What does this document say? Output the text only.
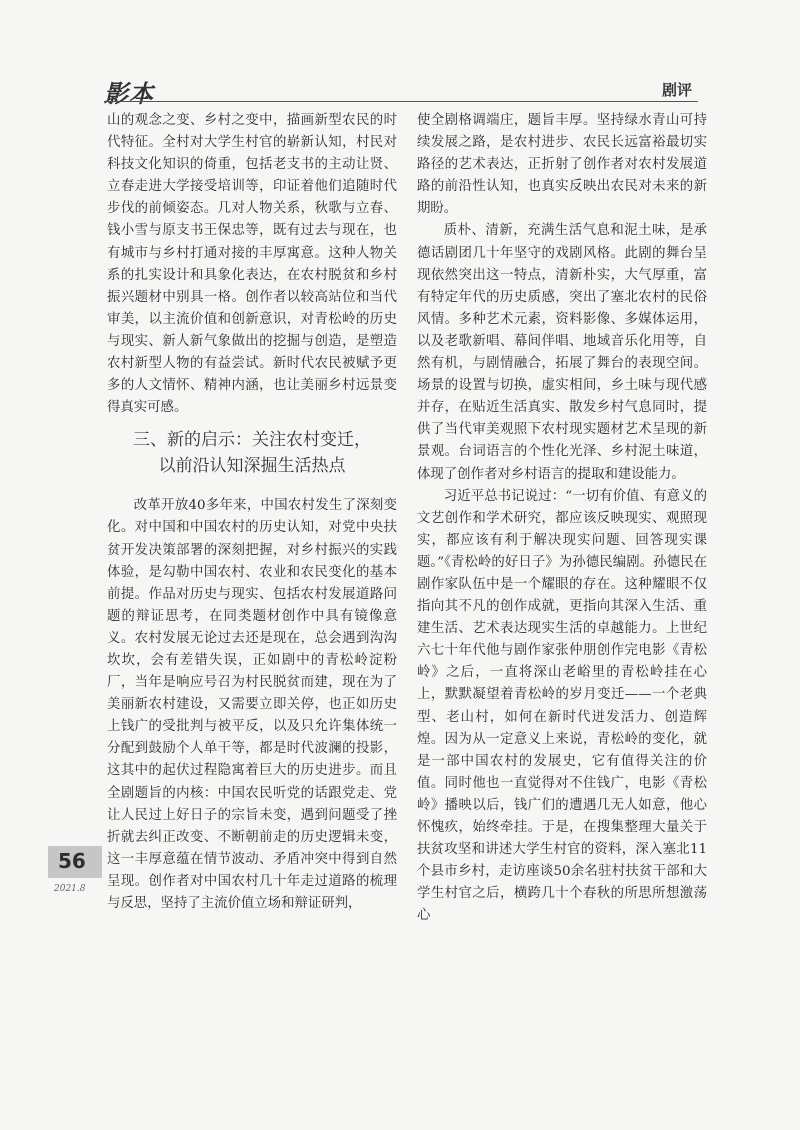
影本	剧评

山的观念之变、乡村之变中，描画新型农民的时代特征。全村对大学生村官的崭新认知，村民对科技文化知识的倚重，包括老支书的主动让贤、立春走进大学接受培训等，印证着他们追随时代步伐的前倾姿态。几对人物关系，秋歌与立春、钱小雪与原支书王保忠等，既有过去与现在，也有城市与乡村打通对接的丰厚寓意。这种人物关系的扎实设计和具象化表达，在农村脱贫和乡村振兴题材中别具一格。创作者以较高站位和当代审美，以主流价值和创新意识，对青松岭的历史与现实、新人新气象做出的挖掘与创造，是塑造农村新型人物的有益尝试。新时代农民被赋予更多的人文情怀、精神内涵，也让美丽乡村远景变得真实可感。

三、新的启示：关注农村变迁，
以前沿认知深掘生活热点

改革开放40多年来，中国农村发生了深刻变化。对中国和中国农村的历史认知，对党中央扶贫开发决策部署的深刻把握，对乡村振兴的实践体验，是勾勒中国农村、农业和农民变化的基本前提。作品对历史与现实、包括农村发展道路问题的辩证思考，在同类题材创作中具有镜像意义。农村发展无论过去还是现在，总会遇到沟沟坎坎，会有差错失误，正如剧中的青松岭淀粉厂，当年是响应号召为村民脱贫而建，现在为了美丽新农村建设，又需要立即关停，也正如历史上钱广的受批判与被平反，以及只允许集体统一分配到鼓励个人单干等，都是时代波澜的投影，这其中的起伏过程隐寓着巨大的历史进步。而且全剧题旨的内核：中国农民听党的话跟党走、党让人民过上好日子的宗旨未变，遇到问题受了挫折就去纠正改变、不断朝前走的历史逻辑未变，这一丰厚意蕴在情节波动、矛盾冲突中得到自然呈现。创作者对中国农村几十年走过道路的梳理与反思，坚持了主流价值立场和辩证研判，

使全剧格调端庄，题旨丰厚。坚持绿水青山可持续发展之路，是农村进步、农民长远富裕最切实路径的艺术表达，正折射了创作者对农村发展道路的前沿性认知，也真实反映出农民对未来的新期盼。

质朴、清新，充满生活气息和泥土味，是承德话剧团几十年坚守的戏剧风格。此剧的舞台呈现依然突出这一特点，清新朴实，大气厚重，富有特定年代的历史质感，突出了塞北农村的民俗风情。多种艺术元素，资料影像、多媒体运用，以及老歌新唱、幕间伴唱、地域音乐化用等，自然有机，与剧情融合，拓展了舞台的表现空间。场景的设置与切换，虚实相间，乡土味与现代感并存，在贴近生活真实、散发乡村气息同时，提供了当代审美观照下农村现实题材艺术呈现的新景观。台词语言的个性化光泽、乡村泥土味道，体现了创作者对乡村语言的提取和建设能力。

习近平总书记说过：“一切有价值、有意义的文艺创作和学术研究，都应该反映现实、观照现实，都应该有利于解决现实问题、回答现实课题。”《青松岭的好日子》为孙德民编剧。孙德民在剧作家队伍中是一个耀眼的存在。这种耀眼不仅指向其不凡的创作成就，更指向其深入生活、重建生活、艺术表达现实生活的卓越能力。上世纪六七十年代他与剧作家张仲朋创作完电影《青松岭》之后，一直将深山老峪里的青松岭挂在心上，默默凝望着青松岭的岁月变迁——一个老典型、老山村，如何在新时代迸发活力、创造辉煌。因为从一定意义上来说，青松岭的变化，就是一部中国农村的发展史，它有值得关注的价值。同时他也一直觉得对不住钱广，电影《青松岭》播映以后，钱广们的遭遇几无人如意，他心怀愧疚，始终牵挂。于是，在搜集整理大量关于扶贫攻坚和讲述大学生村官的资料，深入塞北11个县市乡村，走访座谈50余名驻村扶贫干部和大学生村官之后，横跨几十个春秋的所思所想激荡心

56
2021.8
